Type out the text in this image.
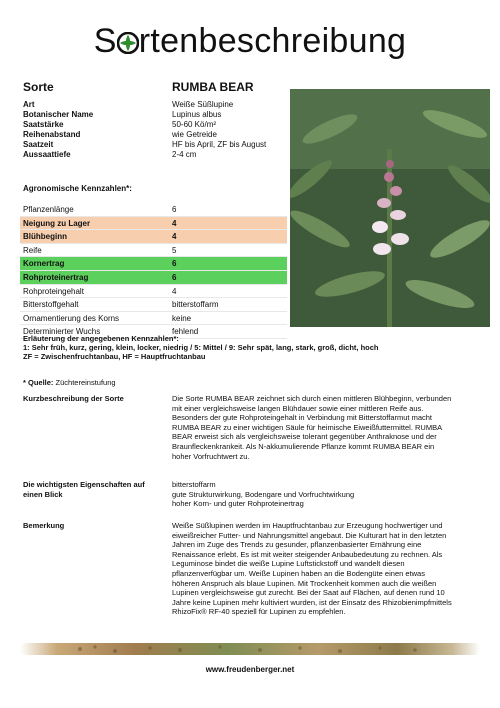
S rtenbeschreibung
Sorte	RUMBA BEAR
Art	Weiße Süßlupine
Botanischer Name	Lupinus albus
Saatstärke	50-60 Kö/m²
Reihenabstand	wie Getreide
Saatzeit	HF bis April, ZF bis August
Aussaattiefe	2-4 cm
Agronomische Kennzahlen*:
Pflanzenlänge	6
Neigung zu Lager	4
Blühbeginn	4
Reife	5
Kornertrag	6
Rohproteinertrag	6
Rohproteingehalt	4
Bitterstoffgehalt	bitterstoffarm
Ornamentierung des Korns	keine
Determinierter Wuchs	fehlend
Erläuterung der angegebenen Kennzahlen*:
1: Sehr früh, kurz, gering, klein, locker, niedrig / 5: Mittel / 9: Sehr spät, lang, stark, groß, dicht, hoch
ZF = Zwischenfruchtanbau, HF = Hauptfruchtanbau
* Quelle: Züchtereinstufung
Kurzbeschreibung der Sorte	Die Sorte RUMBA BEAR zeichnet sich durch einen mittleren Blühbeginn, verbunden
mit einer vergleichsweise langen Blühdauer sowie einer mittleren Reife aus.
Besonders der gute Rohproteingehalt in Verbindung mit Bitterstoffarmut macht
RUMBA BEAR zu einer wichtigen Säule für heimische Eiweißfuttermittel. RUMBA
BEAR erweist sich als vergleichsweise tolerant gegenüber Anthraknose und der
Braunfleckenkrankeit. Als N-akkumulierende Pflanze kommt RUMBA BEAR ein
hoher Vorfruchtwert zu.
Die wichtigsten Eigenschaften auf
einen Blick
bitterstoffarm
gute Strukturwirkung, Bodengare und Vorfruchtwirkung
hoher Korn- und guter Rohproteinertrag
Bemerkung	Weiße Süßlupinen werden im Hauptfruchtanbau zur Erzeugung hochwertiger und
eiweißreicher Futter- und Nahrungsmittel angebaut. Die Kulturart hat in den letzten
Jahren im Zuge des Trends zu gesunder, pflanzenbasierter Ernährung eine
Renaissance erlebt. Es ist mit weiter steigender Anbaubedeutung zu rechnen. Als
Leguminose bindet die weiße Lupine Luftstickstoff und wandelt diesen
pflanzenverfügbar um. Weiße Lupinen haben an die Bodengüte einen etwas
höheren Anspruch als blaue Lupinen. Mit Trockenheit kommen auch die weißen
Lupinen vergleichsweise gut zurecht. Bei der Saat auf Flächen, auf denen rund 10
Jahre keine Lupinen mehr kultiviert wurden, ist der Einsatz des Rhizobienimpfmittels
RhizoFix® RF-40 speziell für Lupinen zu empfehlen.
www.freudenberger.net
